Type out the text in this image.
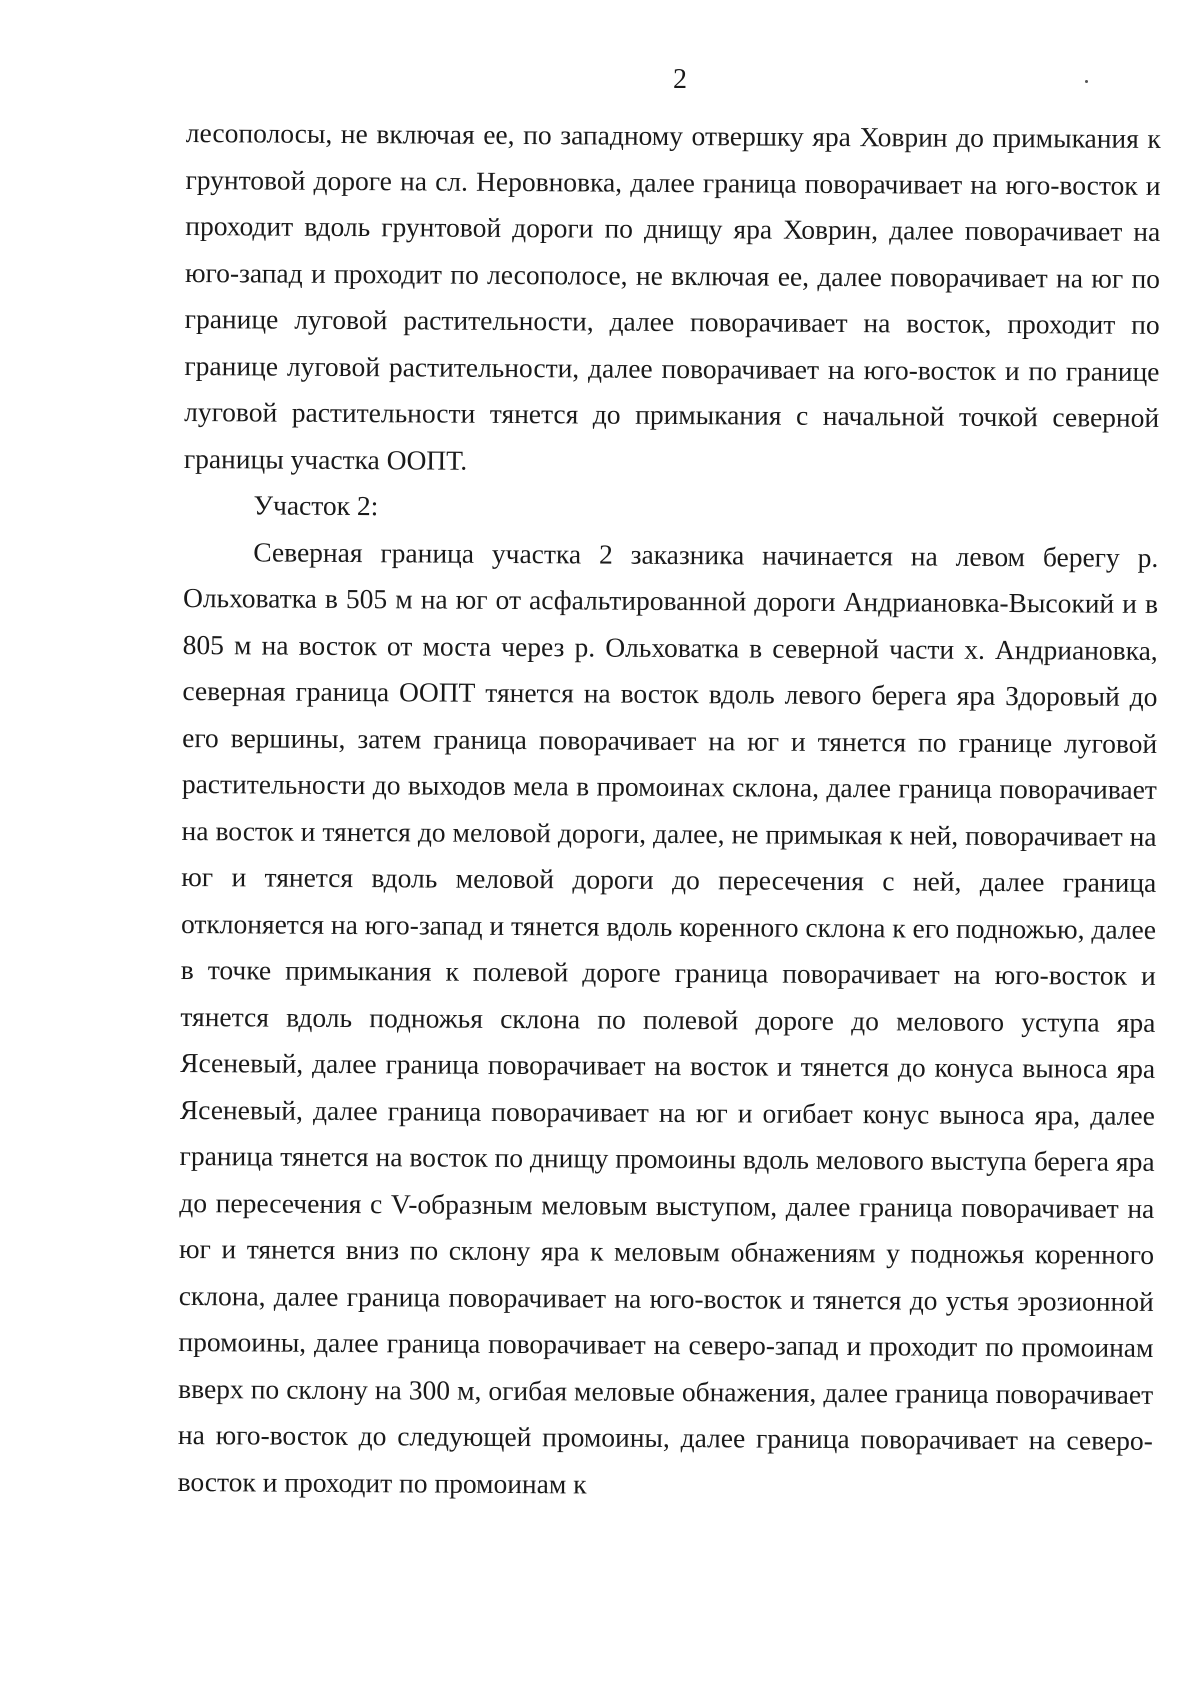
2

лесополосы, не включая ее, по западному отвершку яра Ховрин до примыкания к грунтовой дороге на сл. Неровновка, далее граница поворачивает на юго-восток и проходит вдоль грунтовой дороги по днищу яра Ховрин, далее поворачивает на юго-запад и проходит по лесополосе, не включая ее, далее поворачивает на юг по границе луговой растительности, далее поворачивает на восток, проходит по границе луговой растительности, далее поворачивает на юго-восток и по границе луговой растительности тянется до примыкания с начальной точкой северной границы участка ООПТ.

Участок 2:

Северная граница участка 2 заказника начинается на левом берегу р. Ольховатка в 505 м на юг от асфальтированной дороги Андриановка-Высокий и в 805 м на восток от моста через р. Ольховатка в северной части х. Андриановка, северная граница ООПТ тянется на восток вдоль левого берега яра Здоровый до его вершины, затем граница поворачивает на юг и тянется по границе луговой растительности до выходов мела в промоинах склона, далее граница поворачивает на восток и тянется до меловой дороги, далее, не примыкая к ней, поворачивает на юг и тянется вдоль меловой дороги до пересечения с ней, далее граница отклоняется на юго-запад и тянется вдоль коренного склона к его подножью, далее в точке примыкания к полевой дороге граница поворачивает на юго-восток и тянется вдоль подножья склона по полевой дороге до мелового уступа яра Ясеневый, далее граница поворачивает на восток и тянется до конуса выноса яра Ясеневый, далее граница поворачивает на юг и огибает конус выноса яра, далее граница тянется на восток по днищу промоины вдоль мелового выступа берега яра до пересечения с V-образным меловым выступом, далее граница поворачивает на юг и тянется вниз по склону яра к меловым обнажениям у подножья коренного склона, далее граница поворачивает на юго-восток и тянется до устья эрозионной промоины, далее граница поворачивает на северо-запад и проходит по промоинам вверх по склону на 300 м, огибая меловые обнажения, далее граница поворачивает на юго-восток до следующей промоины, далее граница поворачивает на северо-восток и проходит по промоинам к
